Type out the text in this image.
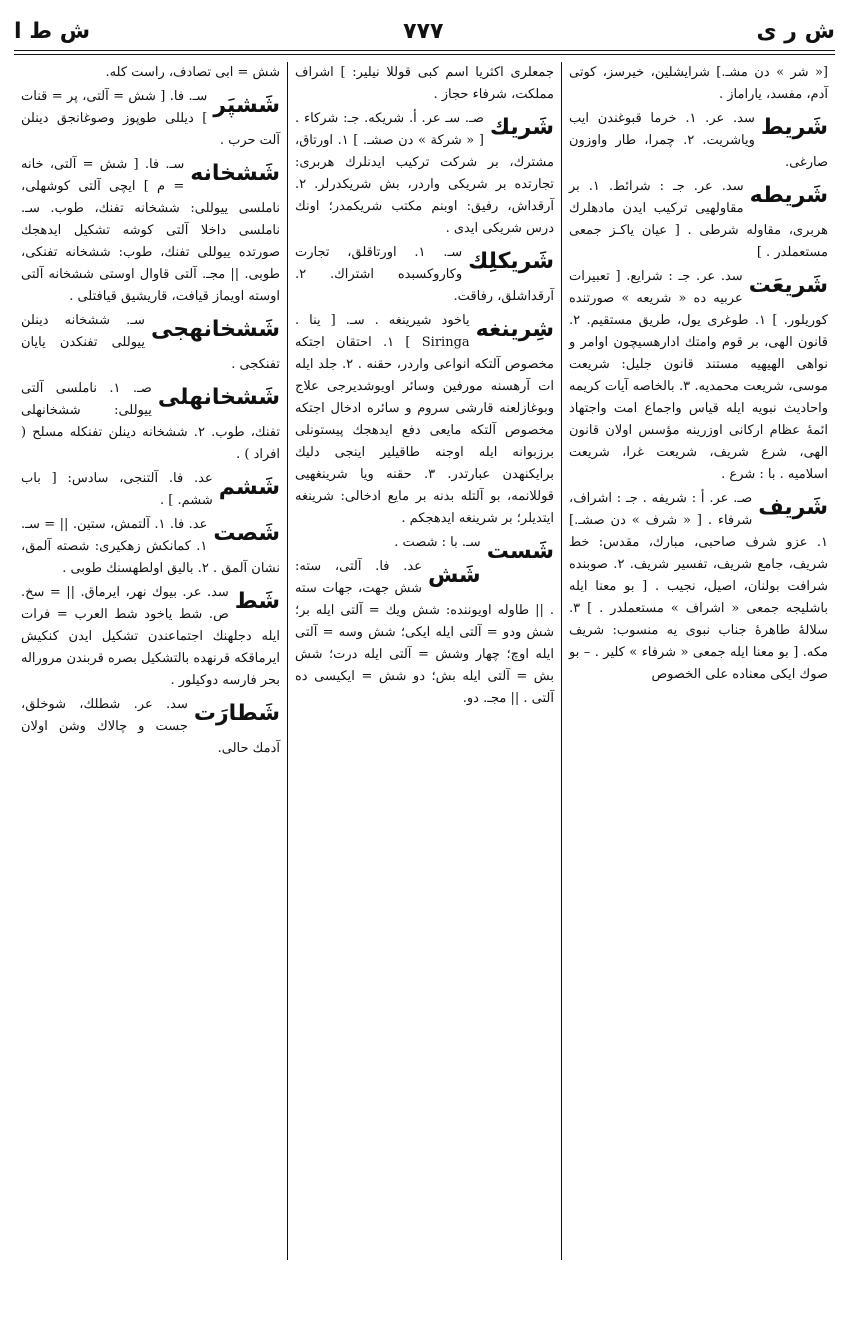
ش ر ى
٧٧٧
ش ط ا
[« شر » دن مشـ.] شرايشلين، خيرسز، كوتى آدم، مفسد، ياراماز .
شَريط
سد. عر. ١. خرما قبوغندن ايب وياشريت. ٢. چمرا، طار واوزون صارغى.
شَريطه
سد. عر. جـ : شرائط. ١. بر مقاولهيى تركيب ايدن مادهلرك هربرى، مقاوله شرطى . [ عيان ياكـز جمعى مستعملدر . ]
شَريعَت
سد. عر. جـ : شرايع. [ تعبيرات عربيه ده « شريعه » صورتنده كوريلور. ] ١. طوغرى يول، طريق مستقيم. ٢. قانون الهى، بر قوم وامتك ادارهسيچون اوامر و نواهى الهيهيه مستند قانون جليل: شريعت موسى، شريعت محمديه. ٣. بالخاصه آيات كريمه واحاديث نبويه ايله قياس واجماع امت واجتهاد ائمهٔ عظام اركانى اوزرينه مؤسس اولان قانون الهى، شرع شريف، شريعت غرا، شريعت اسلاميه . با : شرع .
شَريف
صـ. عر. أ : شريفه . جـ : اشراف، شرفاء . [ « شرف » دن صشـ.] ١. عزو شرف صاحبى، مبارك، مقدس: خط شريف، جامع شريف، تفسير شريف. ٢. صوبنده شرافت بولنان، اصيل، نجيب . [ بو معنا ايله باشليجه جمعى « اشراف » مستعملدر . ] ٣. سلالهٔ طاهرهٔ جناب نبوى يه منسوب: شريف مكه. [ بو معنا ايله جمعى « شرفاء » كلير . – بو صوك ايكى معناده على الخصوص
جمعلرى اكثريا اسم كبى قوللا نيلير: ] اشراف مملكت، شرفاء حجاز .
شَريك
صـ. سـ عر. أ. شريكه. جـ: شركاء . [ « شركة » دن صشـ. ] ١. اورتاق، مشترك، بر شركت تركيب ايدنلرك هربرى: تجارتده بر شريكى واردر، بش شريكدرلر. ٢. آرقداش، رفيق: اوبنم مكتب شريكمدر؛ اونك درس شريكى ايدى .
شَريكلِك
سـ. ١. اورتاقلق، تجارت وكاروكسبده اشتراك. ٢. آرقداشلق، رفاقت.
شِرينغه
ياخود شيرينغه . سـ. [ ينا . Siringa ] ١. احتقان اجتكه مخصوص آلتكه انواعى واردر، حقنه . ٢. جلد ايله ات آرهسنه مورفين وسائر اويوشديرجى علاج وبوغازلعنه قارشى سروم و سائره ادخال اجتكه مخصوص آلتكه مايعى دفع ايدهجك پيستونلى برزبوانه ايله اوجنه طاقيلير اينجى دليك برايكنهدن عبارتدر. ٣. حقنه ويا شرينغهيى قوللانمه، بو آلتله بدنه بر مايع ادخالى: شرينغه ايتديلر؛ بر شرينغه ايدهجكم .
شَست
سـ. با : شصت .
شَش
عد. فا. آلتى، سته: شش جهت، جهات سته . || طاوله اويوننده: شش ويك = آلتى ايله بر؛ شش ودو = آلتى ايله ايكى؛ شش وسه = آلتى ايله اوچ؛ چهار وشش = آلتى ايله درت؛ شش بش = آلتى ايله بش؛ دو شش = ايكيسى ده آلتى . || مجـ. دو.
شش = ابى تصادف، راست كله.
شَشپَر
سـ. فا. [ شش = آلتى، پر = قنات ] ديللى طوپوز وصوغانجق دينلن آلت حرب .
شَشخانه
سـ. فا. [ شش = آلتى، خانه = م ] ايچى آلتى كوشهلى، ناملسى ييوللى: ششخانه تفنك، طوب. سـ. ناملسى داخلا آلتى كوشه تشكيل ايدهجك صورتده ييوللى تفنك، طوب: ششخانه تفنكى، طوبى. || مجـ. آلتى قاوال اوستى ششخانه آلتى اوسته اويماز قيافت، قاريشيق قيافتلى .
شَشخانهجى
سـ. ششخانه دينلن ييوللى تفنكدن يايان تفنكجى .
شَشخانهلى
صـ. ١. ناملسى آلتى ييوللى: ششخانهلى تفنك، طوب. ٢. ششخانه دينلن تفنكله مسلح ( افراد ) .
شَشم
عد. فا. آلتنجى، سادس: [ باب ششم. ] .
شَصت
عد. فا. ١. آلتمش، ستين. || = سـ. ١. كمانكش زهكيرى: شصته آلمق، نشان آلمق . ٢. باليق اولطهسنك طوبى .
شَط
سد. عر. بيوك نهر، ايرماق. || = سخ. ص. شط ياخود شط العرب = فرات ايله دجلهنك اجتماعندن تشكيل ايدن كنكيش ايرماقكه قرنهده بالتشكيل بصره قربندن مروراله بحر فارسه دوكيلور .
شَطارَت
سد. عر. شطلك، شوخلق، جست و چالاك وشن اولان آدمك حالى.
